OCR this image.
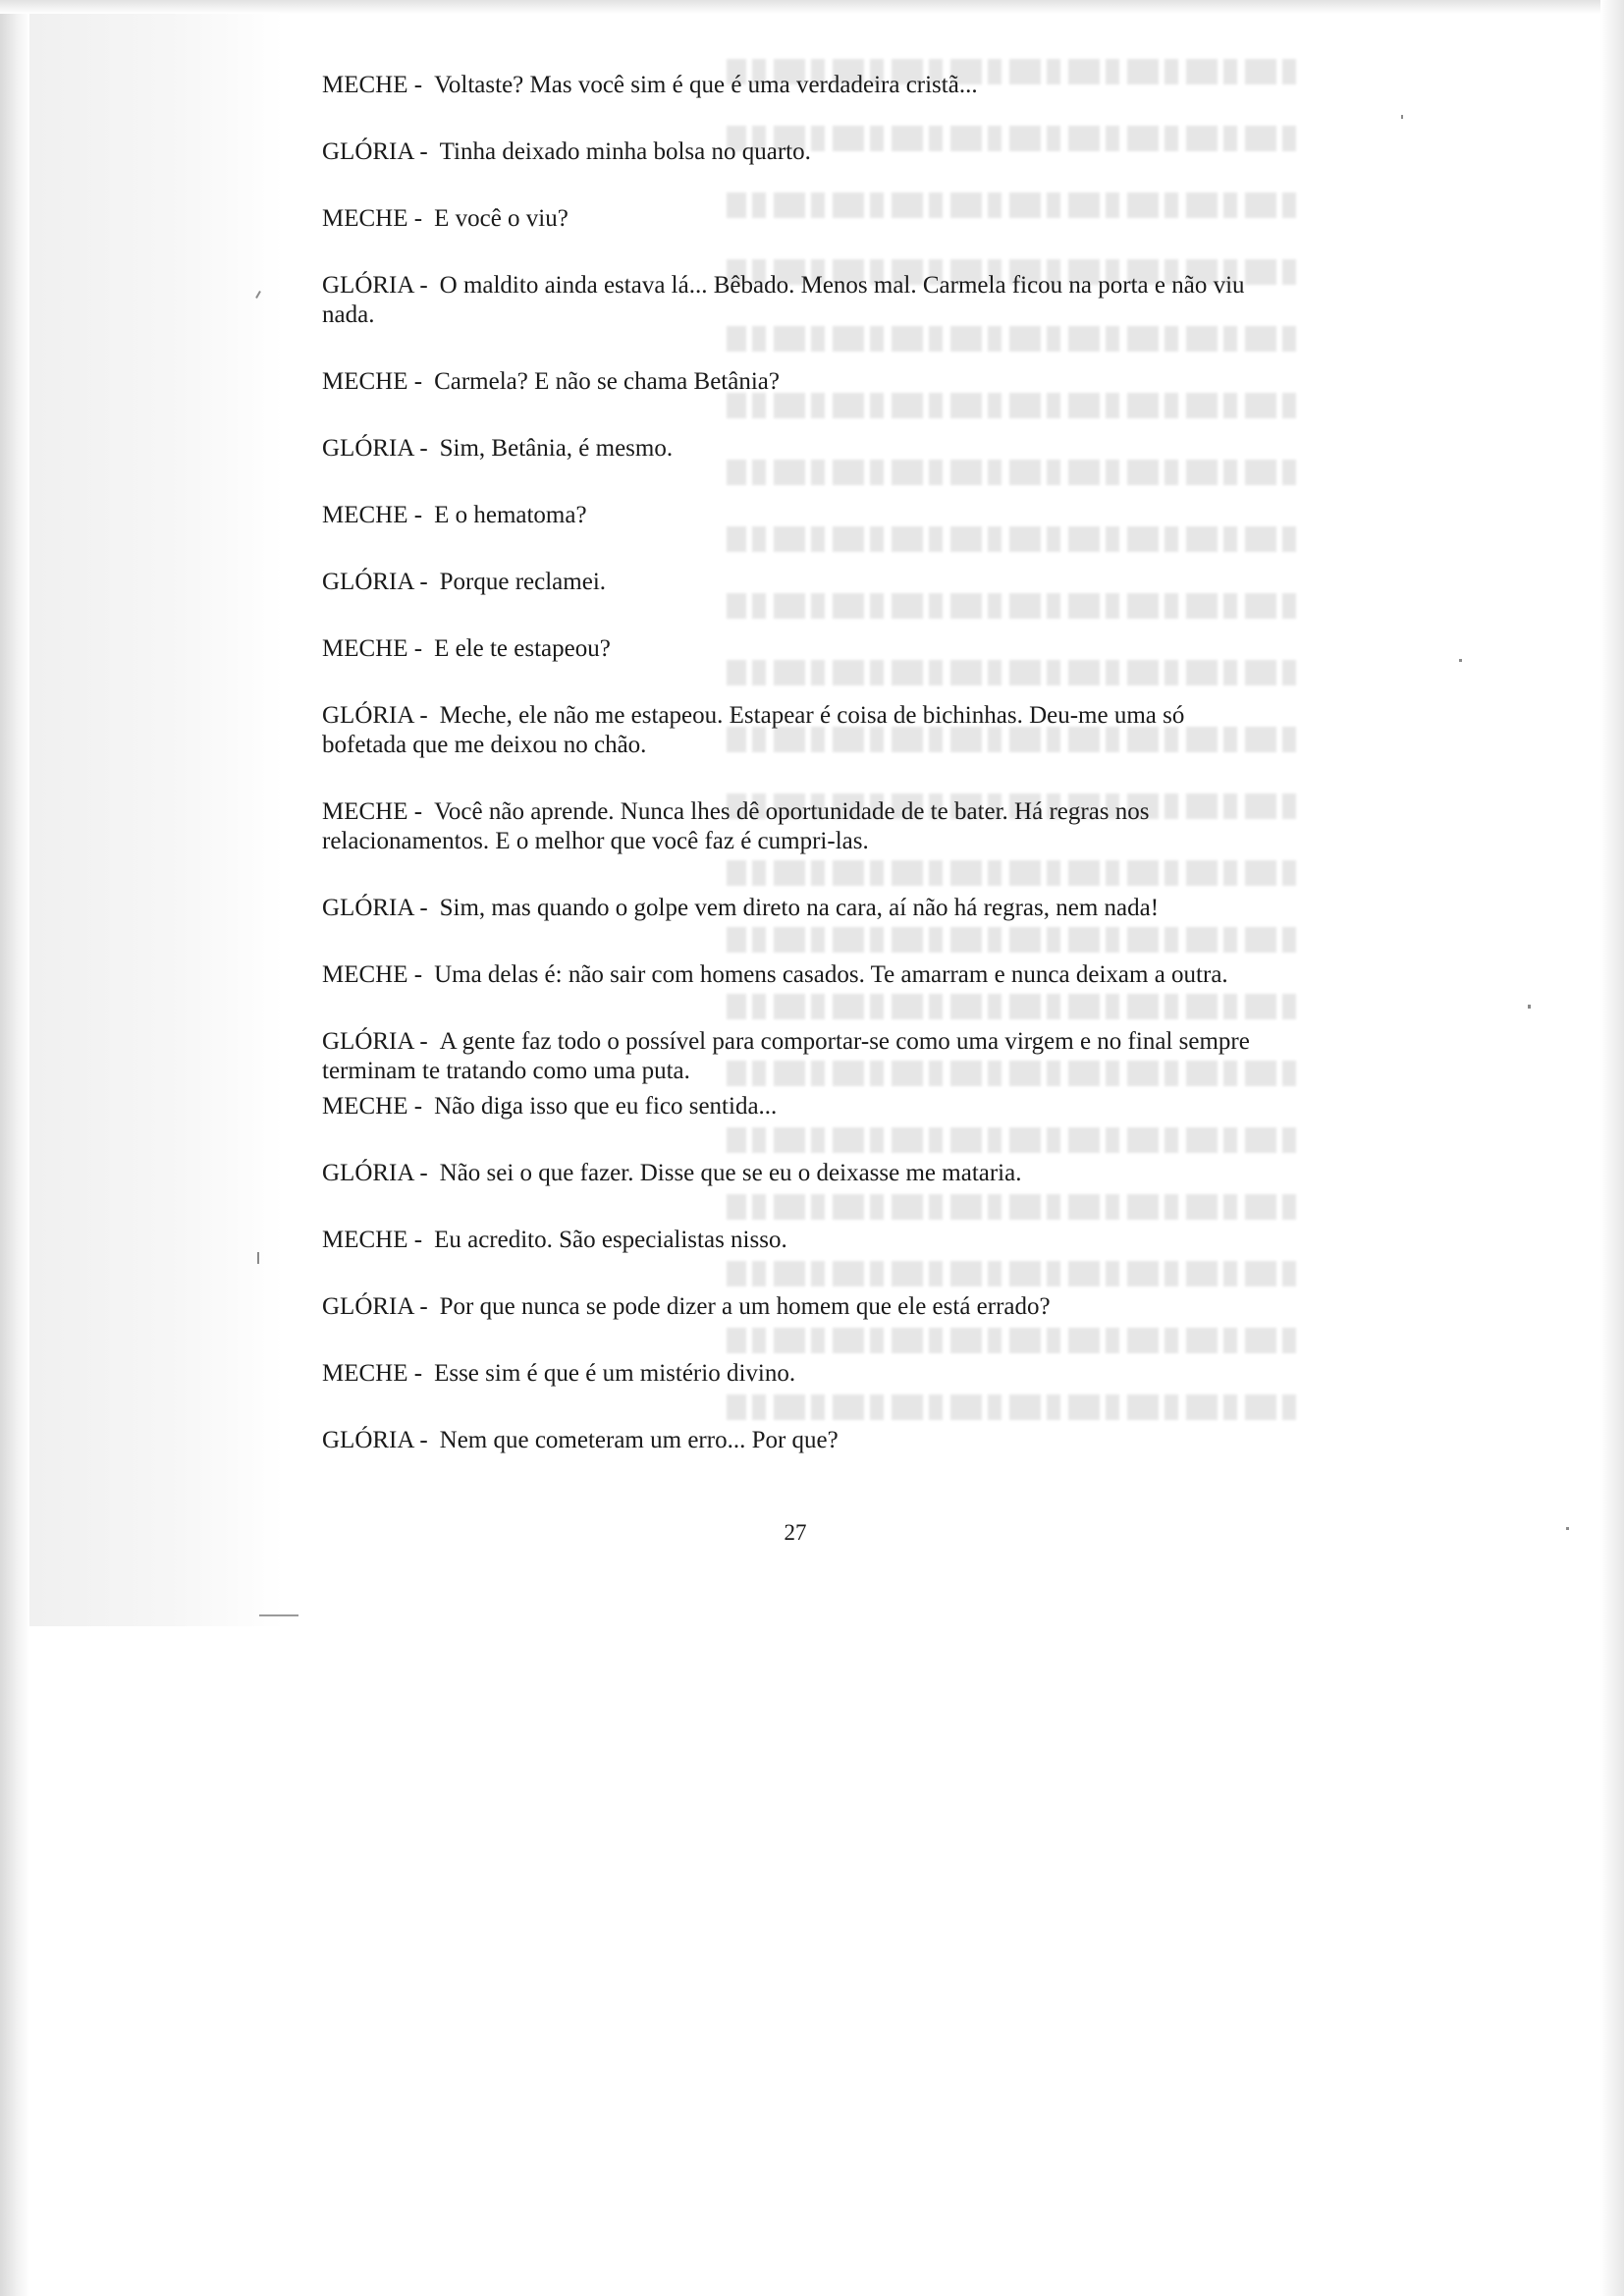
MECHE - Voltaste? Mas você sim é que é uma verdadeira cristã...

GLÓRIA - Tinha deixado minha bolsa no quarto.

MECHE - E você o viu?

GLÓRIA - O maldito ainda estava lá... Bêbado. Menos mal. Carmela ficou na porta e não viu nada.

MECHE - Carmela? E não se chama Betânia?

GLÓRIA - Sim, Betânia, é mesmo.

MECHE - E o hematoma?

GLÓRIA - Porque reclamei.

MECHE - E ele te estapeou?

GLÓRIA - Meche, ele não me estapeou. Estapear é coisa de bichinhas. Deu-me uma só bofetada que me deixou no chão.

MECHE - Você não aprende. Nunca lhes dê oportunidade de te bater. Há regras nos relacionamentos. E o melhor que você faz é cumpri-las.

GLÓRIA - Sim, mas quando o golpe vem direto na cara, aí não há regras, nem nada!

MECHE - Uma delas é: não sair com homens casados. Te amarram e nunca deixam a outra.

GLÓRIA - A gente faz todo o possível para comportar-se como uma virgem e no final sempre terminam te tratando como uma puta.

MECHE - Não diga isso que eu fico sentida...

GLÓRIA - Não sei o que fazer. Disse que se eu o deixasse me mataria.

MECHE - Eu acredito. São especialistas nisso.

GLÓRIA - Por que nunca se pode dizer a um homem que ele está errado?

MECHE - Esse sim é que é um mistério divino.

GLÓRIA - Nem que cometeram um erro... Por que?

27
